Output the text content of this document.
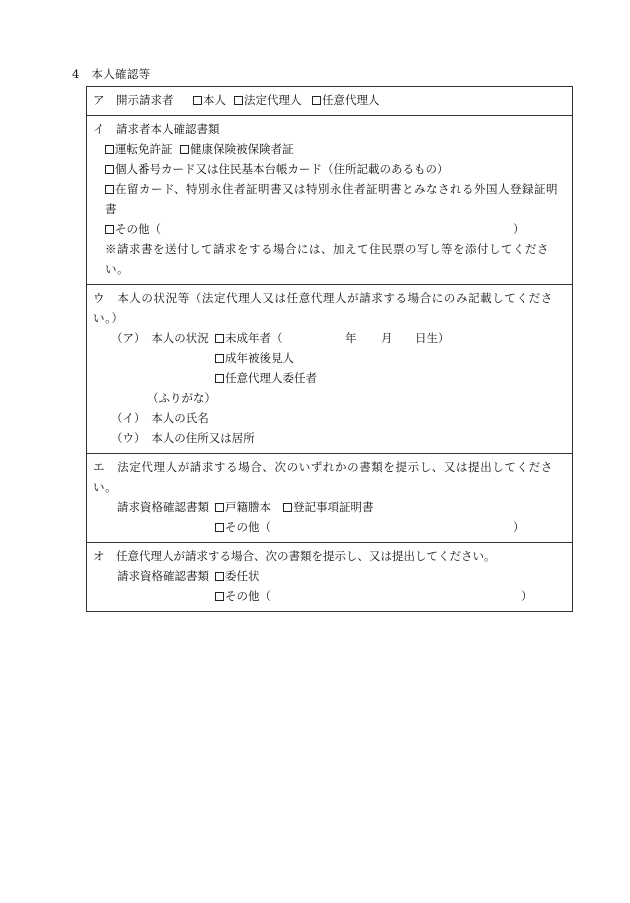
4　本人確認等
ア　開示請求者	本人	法定代理人	任意代理人
イ　請求者本人確認書類
運転免許証 健康保険被保険者証
個人番号カード又は住民基本台帳カード（住所記載のあるもの）
在留カード、特別永住者証明書又は特別永住者証明書とみなされる外国人登録証明書
その他（	）
※請求書を送付して請求をする場合には、加えて住民票の写し等を添付してください。
ウ　本人の状況等（法定代理人又は任意代理人が請求する場合にのみ記載してください。）
（ア）　本人の状況	未成年者（	年 月 日生）
成年被後見人
任意代理人委任者
（ふりがな）
（イ）　本人の氏名
（ウ）　本人の住所又は居所
エ　法定代理人が請求する場合、次のいずれかの書類を提示し、又は提出してください。
請求資格確認書類	戸籍謄本	登記事項証明書
その他（	）
オ　任意代理人が請求する場合、次の書類を提示し、又は提出してください。
請求資格確認書類	委任状
その他（	）
